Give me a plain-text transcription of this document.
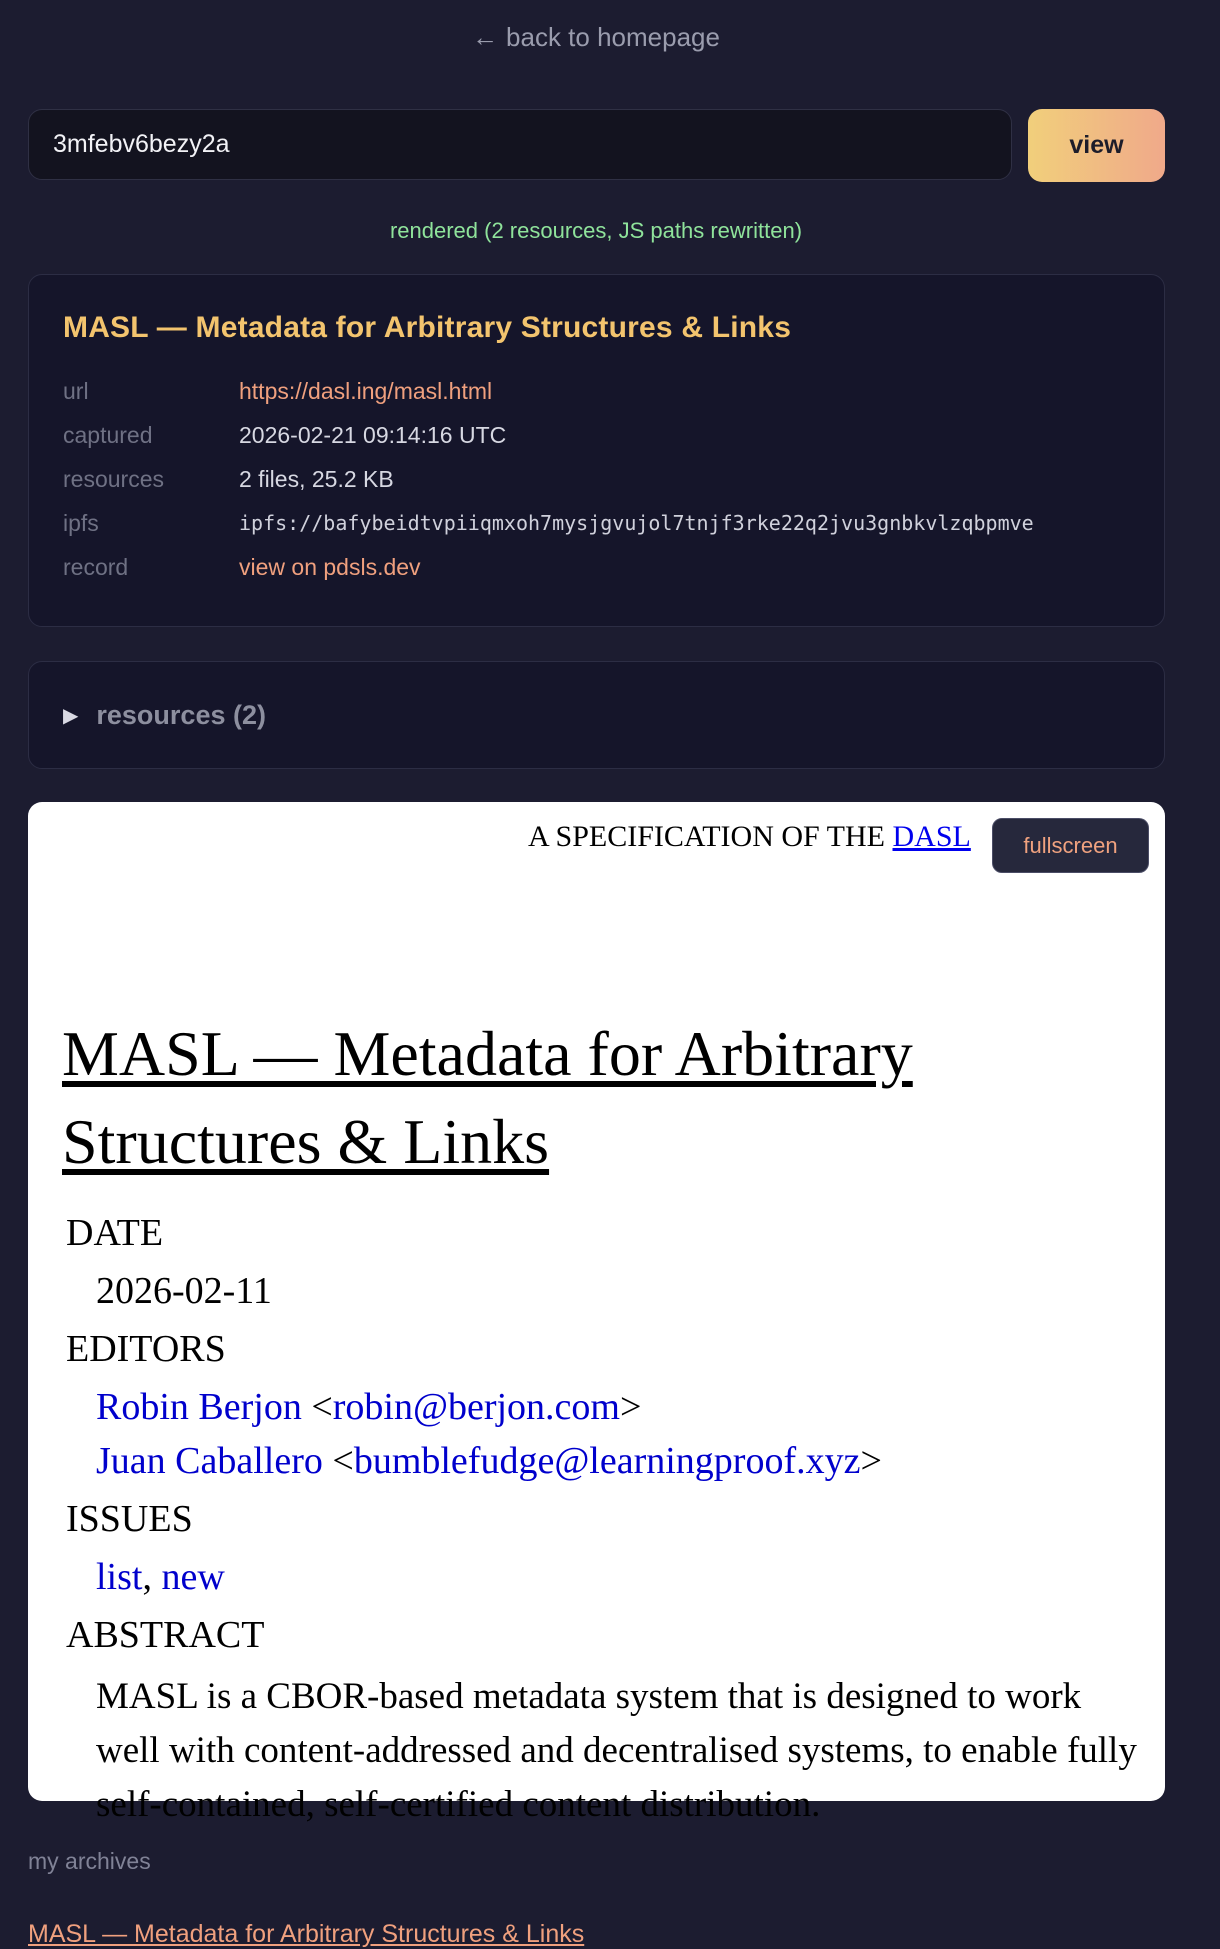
← back to homepage
3mfebv6bezy2a
view
rendered (2 resources, JS paths rewritten)
MASL — Metadata for Arbitrary Structures & Links
url	https://dasl.ing/masl.html
captured	2026-02-21 09:14:16 UTC
resources	2 files, 25.2 KB
ipfs	ipfs://bafybeidtvpiiqmxoh7mysjgvujol7tnjf3rke22q2jvu3gnbkvlzqbpmve
record	view on pdsls.dev
▶ resources (2)
A SPECIFICATION OF THE DASL	fullscreen
MASL — Metadata for Arbitrary
Structures & Links
DATE
2026-02-11
EDITORS
Robin Berjon <robin@berjon.com>
Juan Caballero <bumblefudge@learningproof.xyz>
ISSUES
list, new
ABSTRACT
MASL is a CBOR-based metadata system that is designed to work well with content-addressed and decentralised systems, to enable fully self-contained, self-certified content distribution.
my archives
MASL — Metadata for Arbitrary Structures & Links
